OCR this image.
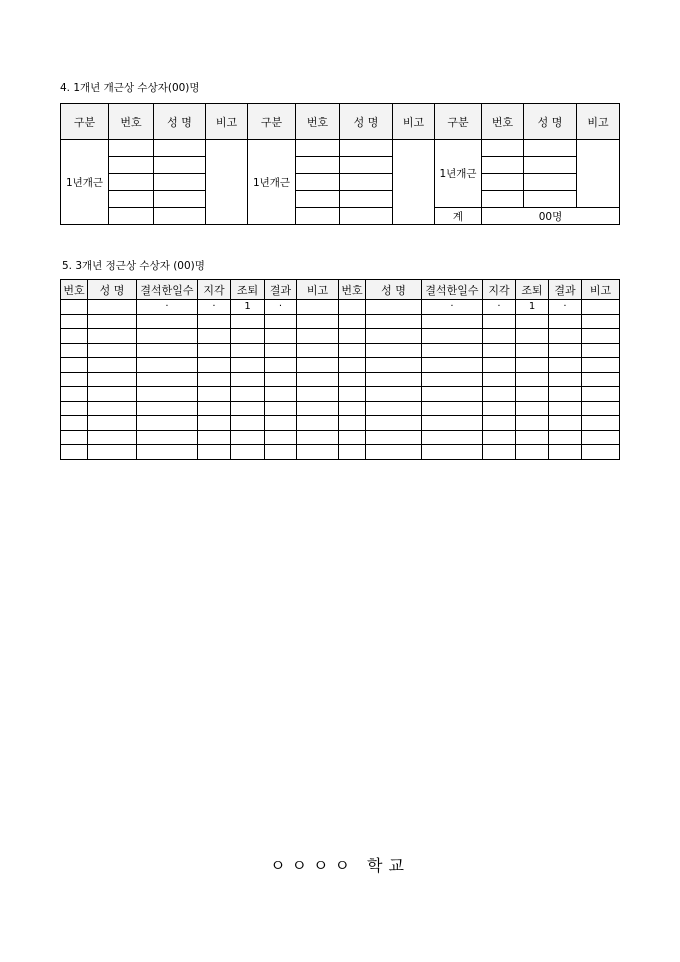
4. 1개년 개근상 수상자(00)명
구분	번호	성 명	비고	구분	번호	성 명	비고	구분	번호	성 명	비고
1년개근				1년개근				1년개근			

								계	00명		
5. 3개년 정근상 수상자 (00)명
번호	성 명	결석한일수	지각	조퇴	결과	비고	번호	성 명	결석한일수	지각	조퇴	결과	비고
		·	·	1	·				·	·	1	·	

ㅇㅇㅇㅇ 학교
